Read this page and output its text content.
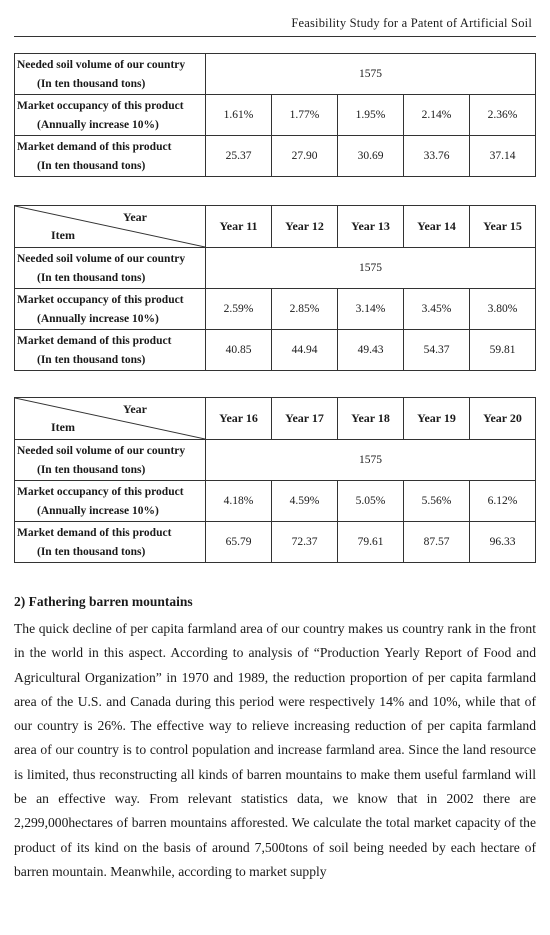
Feasibility Study for a Patent of Artificial Soil
Needed soil volume of our country
(In ten thousand tons)	1575				
Market occupancy of this product
(Annually increase 10%)	1.61%	1.77%	1.95%	2.14%	2.36%
Market demand of this product
(In ten thousand tons)	25.37	27.90	30.69	33.76	37.14
Year
Item	Year 11	Year 12	Year 13	Year 14	Year 15
Needed soil volume of our country
(In ten thousand tons)	1575				
Market occupancy of this product
(Annually increase 10%)	2.59%	2.85%	3.14%	3.45%	3.80%
Market demand of this product
(In ten thousand tons)	40.85	44.94	49.43	54.37	59.81
Year
Item	Year 16	Year 17	Year 18	Year 19	Year 20
Needed soil volume of our country
(In ten thousand tons)	1575				
Market occupancy of this product
(Annually increase 10%)	4.18%	4.59%	5.05%	5.56%	6.12%
Market demand of this product
(In ten thousand tons)	65.79	72.37	79.61	87.57	96.33
2) Fathering barren mountains
The quick decline of per capita farmland area of our country makes us country rank in the front in the world in this aspect. According to analysis of “Production Yearly Report of Food and Agricultural Organization” in 1970 and 1989, the reduction proportion of per capita farmland area of the U.S. and Canada during this period were respectively 14% and 10%, while that of our country is 26%. The effective way to relieve increasing reduction of per capita farmland area of our country is to control population and increase farmland area. Since the land resource is limited, thus reconstructing all kinds of barren mountains to make them useful farmland will be an effective way. From relevant statistics data, we know that in 2002 there are 2,299,000hectares of barren mountains afforested. We calculate the total market capacity of the product of its kind on the basis of around 7,500tons of soil being needed by each hectare of barren mountain. Meanwhile, according to market supply
